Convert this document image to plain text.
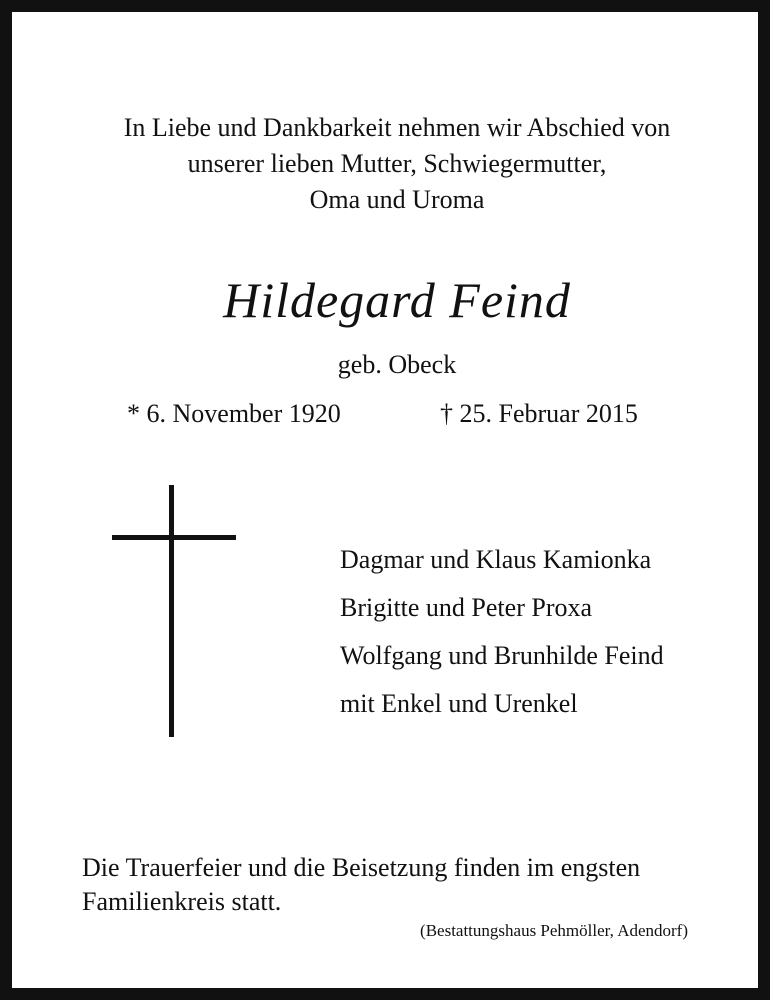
In Liebe und Dankbarkeit nehmen wir Abschied von
unserer lieben Mutter, Schwiegermutter,
Oma und Uroma
Hildegard Feind
geb. Obeck
* 6. November 1920	† 25. Februar 2015
Dagmar und Klaus Kamionka
Brigitte und Peter Proxa
Wolfgang und Brunhilde Feind
mit Enkel und Urenkel
Die Trauerfeier und die Beisetzung finden im engsten
Familienkreis statt.
(Bestattungshaus Pehmöller, Adendorf)
